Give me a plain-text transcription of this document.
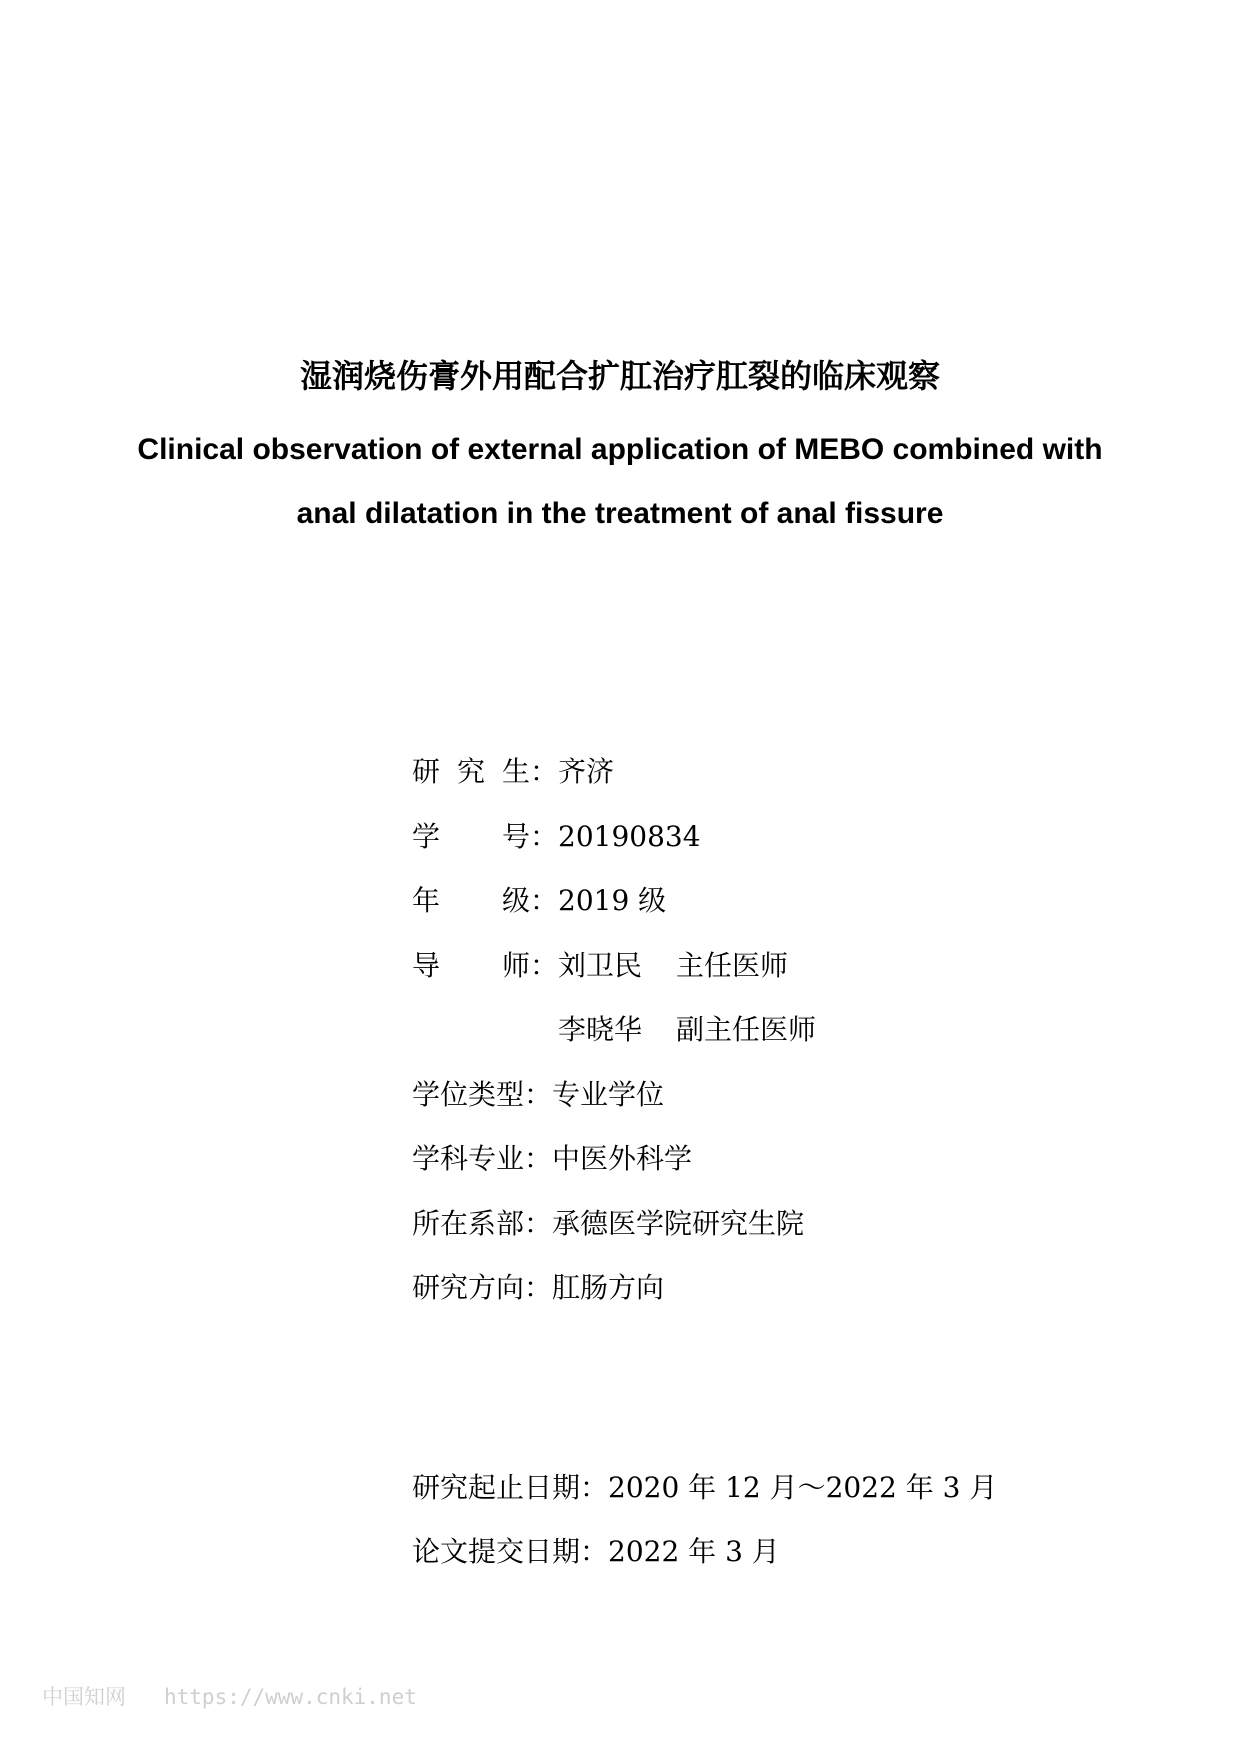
湿润烧伤膏外用配合扩肛治疗肛裂的临床观察
Clinical observation of external application of MEBO combined with
anal dilatation in the treatment of anal fissure
研 究 生： 齐济
学 号： 20190834
年 级： 2019 级
导 师： 刘卫民	主任医师
李晓华	副主任医师
学位类型： 专业学位
学科专业： 中医外科学
所在系部： 承德医学院研究生院
研究方向： 肛肠方向
研究起止日期：2020 年 12 月～2022 年 3 月
论文提交日期：2022 年 3 月
中国知网 https://www.cnki.net
